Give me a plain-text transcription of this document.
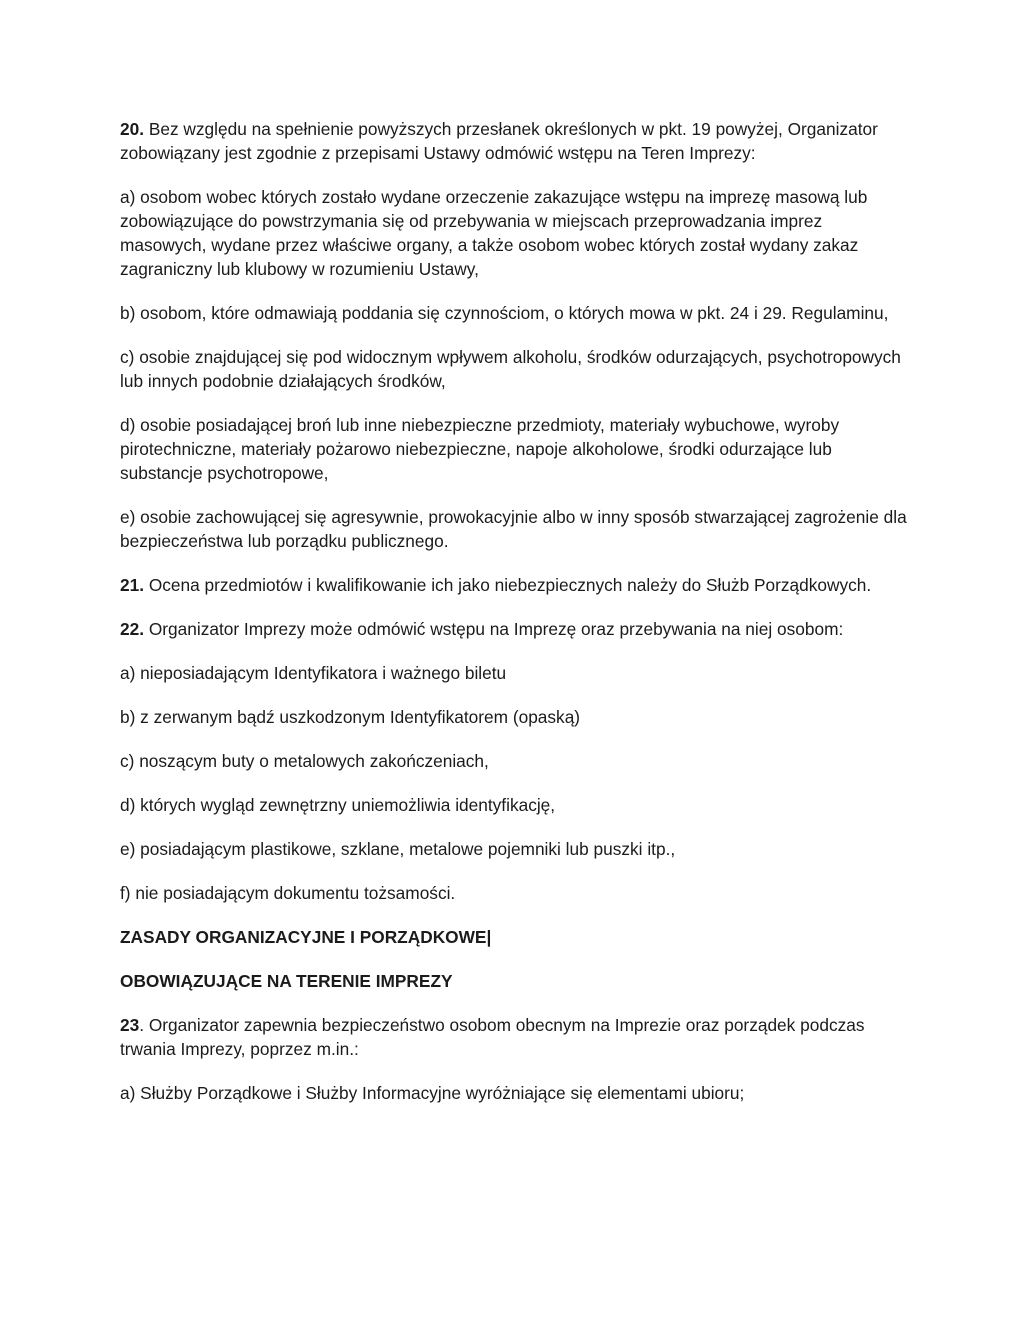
20. Bez względu na spełnienie powyższych przesłanek określonych w pkt. 19 powyżej, Organizator zobowiązany jest zgodnie z przepisami Ustawy odmówić wstępu na Teren Imprezy:

a) osobom wobec których zostało wydane orzeczenie zakazujące wstępu na imprezę masową lub zobowiązujące do powstrzymania się od przebywania w miejscach przeprowadzania imprez masowych, wydane przez właściwe organy, a także osobom wobec których został wydany zakaz zagraniczny lub klubowy w rozumieniu Ustawy,

b) osobom, które odmawiają poddania się czynnościom, o których mowa w pkt. 24 i 29. Regulaminu,

c) osobie znajdującej się pod widocznym wpływem alkoholu, środków odurzających, psychotropowych lub innych podobnie działających środków,

d) osobie posiadającej broń lub inne niebezpieczne przedmioty, materiały wybuchowe, wyroby pirotechniczne, materiały pożarowo niebezpieczne, napoje alkoholowe, środki odurzające lub substancje psychotropowe,

e) osobie zachowującej się agresywnie, prowokacyjnie albo w inny sposób stwarzającej zagrożenie dla bezpieczeństwa lub porządku publicznego.

21. Ocena przedmiotów i kwalifikowanie ich jako niebezpiecznych należy do Służb Porządkowych.

22. Organizator Imprezy może odmówić wstępu na Imprezę oraz przebywania na niej osobom:

a) nieposiadającym Identyfikatora i ważnego biletu

b) z zerwanym bądź uszkodzonym Identyfikatorem (opaską)

c) noszącym buty o metalowych zakończeniach,

d) których wygląd zewnętrzny uniemożliwia identyfikację,

e) posiadającym plastikowe, szklane, metalowe pojemniki lub puszki itp.,

f) nie posiadającym dokumentu tożsamości.

ZASADY ORGANIZACYJNE I PORZĄDKOWE|

OBOWIĄZUJĄCE NA TERENIE IMPREZY

23. Organizator zapewnia bezpieczeństwo osobom obecnym na Imprezie oraz porządek podczas trwania Imprezy, poprzez m.in.:

a) Służby Porządkowe i Służby Informacyjne wyróżniające się elementami ubioru;
